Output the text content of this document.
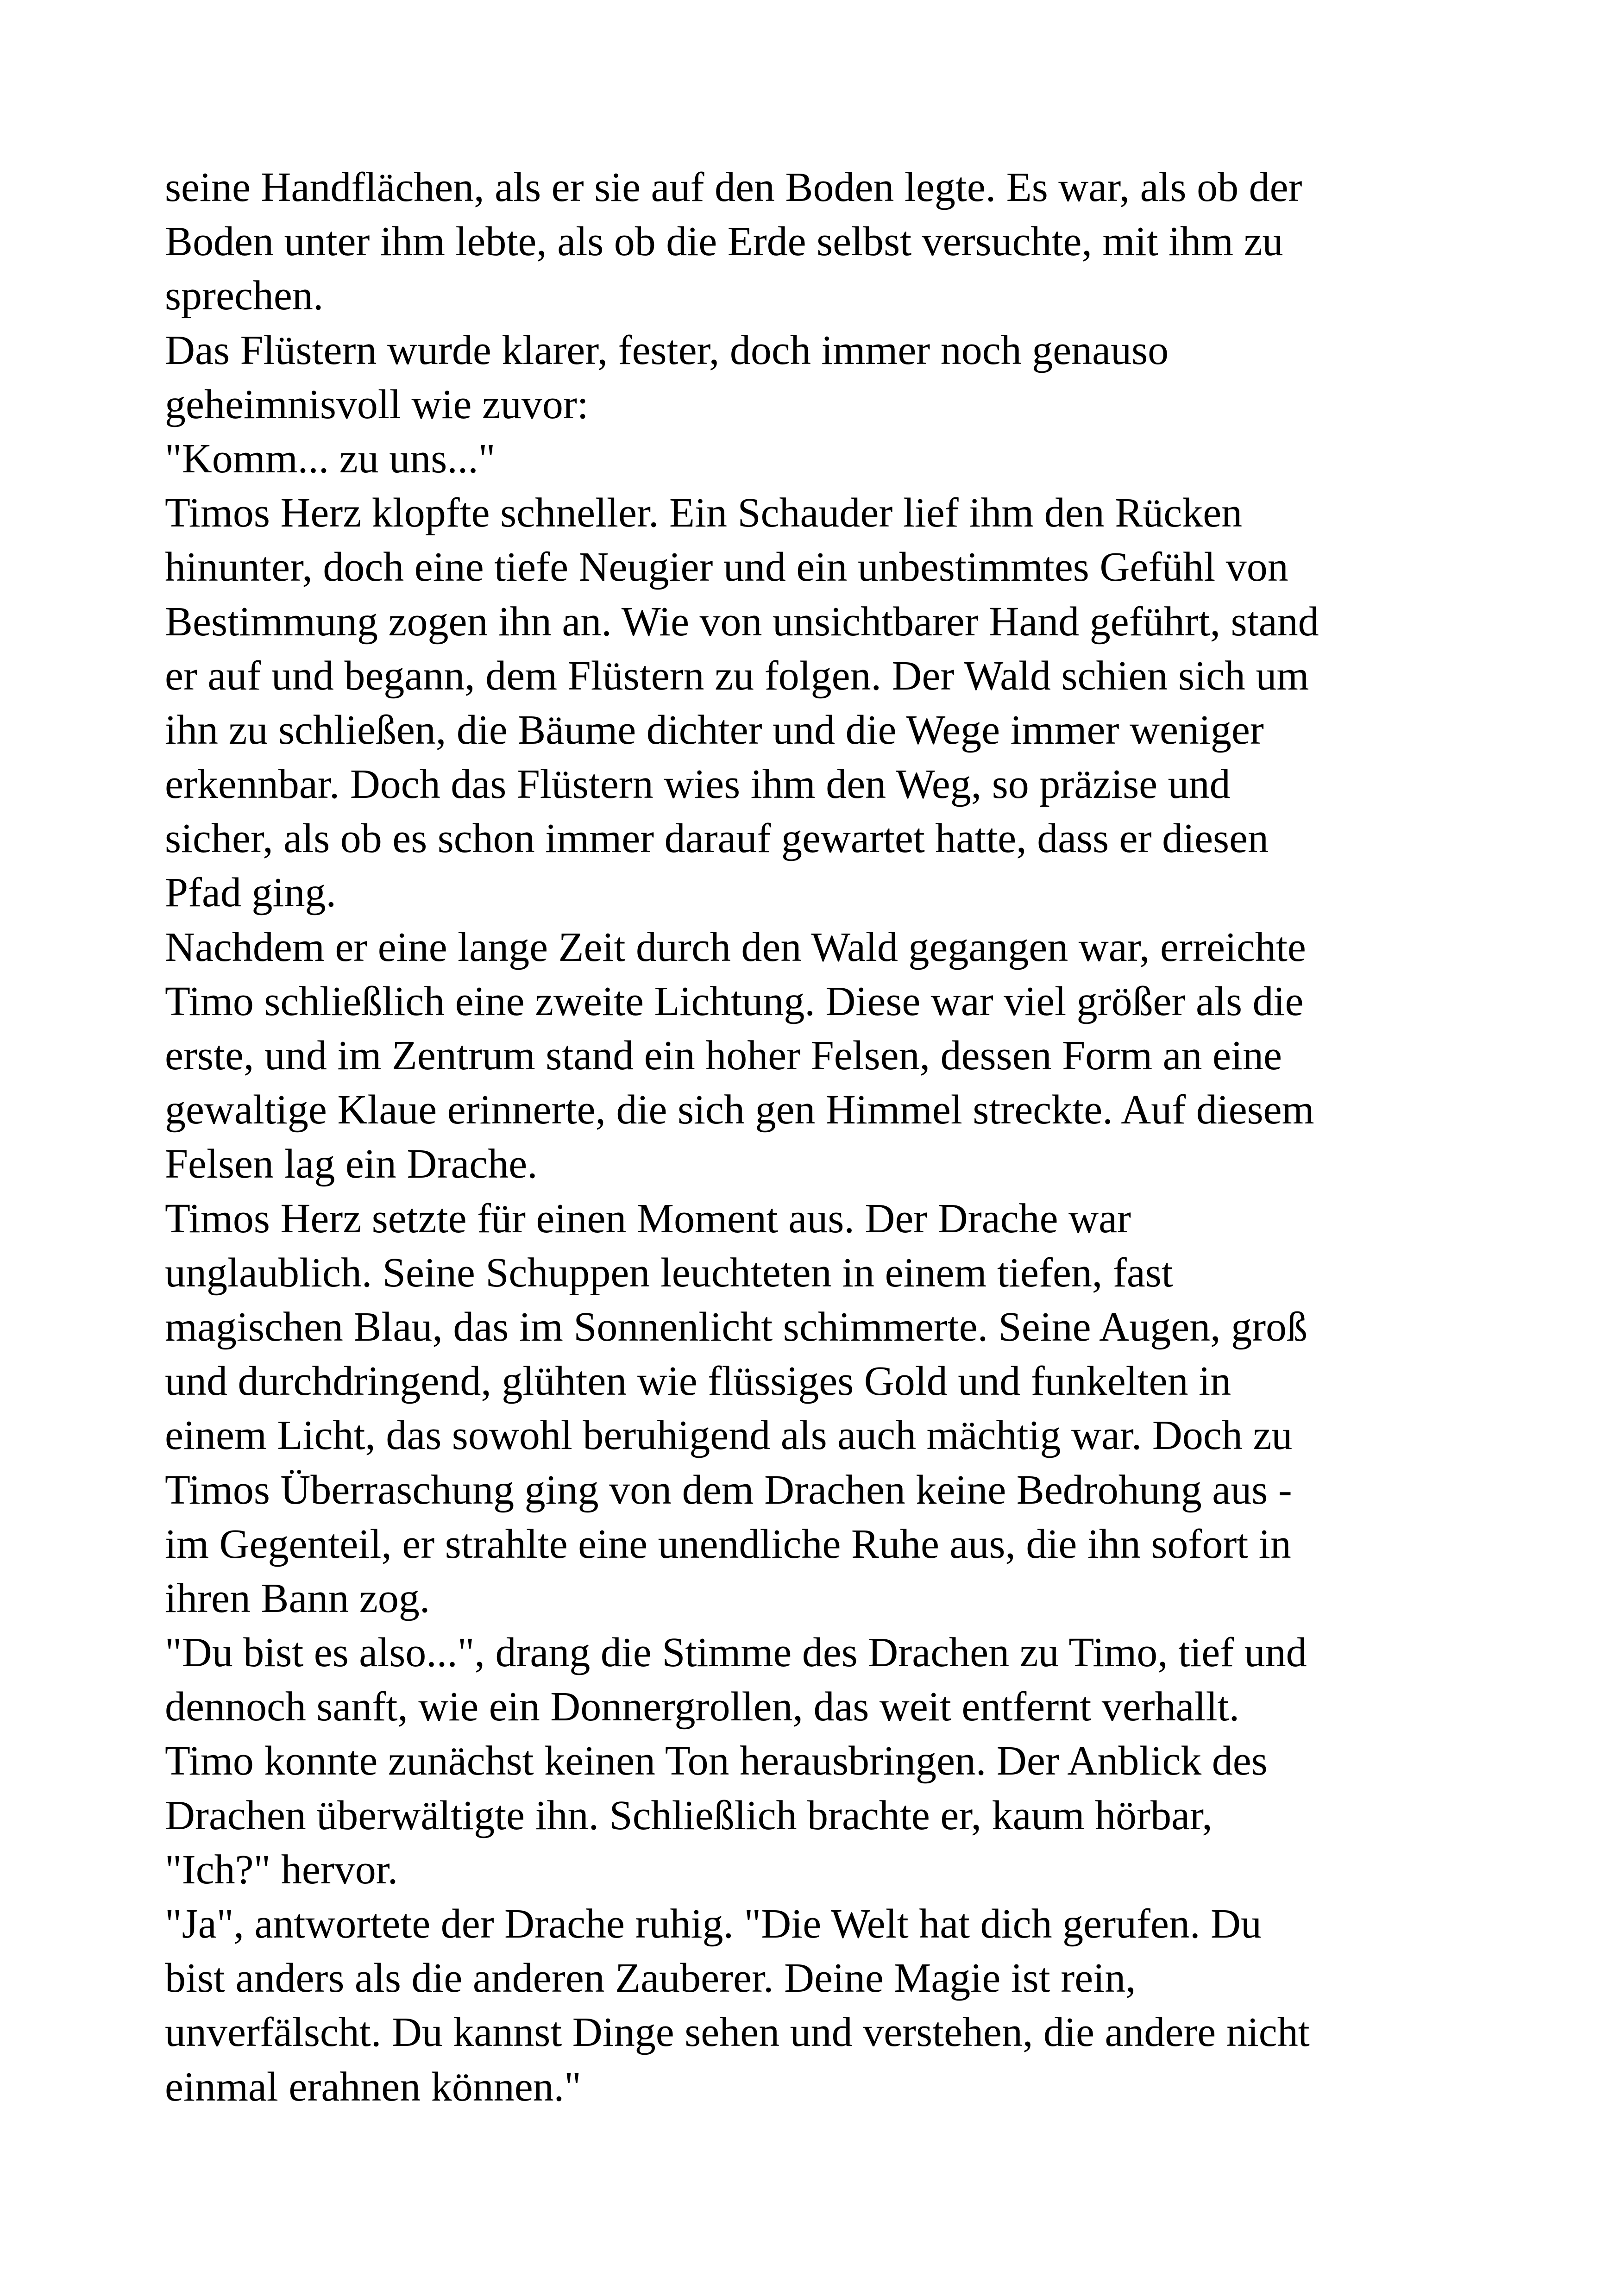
seine Handflächen, als er sie auf den Boden legte. Es war, als ob der
Boden unter ihm lebte, als ob die Erde selbst versuchte, mit ihm zu
sprechen.
Das Flüstern wurde klarer, fester, doch immer noch genauso
geheimnisvoll wie zuvor:
"Komm... zu uns..."
Timos Herz klopfte schneller. Ein Schauder lief ihm den Rücken
hinunter, doch eine tiefe Neugier und ein unbestimmtes Gefühl von
Bestimmung zogen ihn an. Wie von unsichtbarer Hand geführt, stand
er auf und begann, dem Flüstern zu folgen. Der Wald schien sich um
ihn zu schließen, die Bäume dichter und die Wege immer weniger
erkennbar. Doch das Flüstern wies ihm den Weg, so präzise und
sicher, als ob es schon immer darauf gewartet hatte, dass er diesen
Pfad ging.
Nachdem er eine lange Zeit durch den Wald gegangen war, erreichte
Timo schließlich eine zweite Lichtung. Diese war viel größer als die
erste, und im Zentrum stand ein hoher Felsen, dessen Form an eine
gewaltige Klaue erinnerte, die sich gen Himmel streckte. Auf diesem
Felsen lag ein Drache.
Timos Herz setzte für einen Moment aus. Der Drache war
unglaublich. Seine Schuppen leuchteten in einem tiefen, fast
magischen Blau, das im Sonnenlicht schimmerte. Seine Augen, groß
und durchdringend, glühten wie flüssiges Gold und funkelten in
einem Licht, das sowohl beruhigend als auch mächtig war. Doch zu
Timos Überraschung ging von dem Drachen keine Bedrohung aus -
im Gegenteil, er strahlte eine unendliche Ruhe aus, die ihn sofort in
ihren Bann zog.
"Du bist es also...", drang die Stimme des Drachen zu Timo, tief und
dennoch sanft, wie ein Donnergrollen, das weit entfernt verhallt.
Timo konnte zunächst keinen Ton herausbringen. Der Anblick des
Drachen überwältigte ihn. Schließlich brachte er, kaum hörbar,
"Ich?" hervor.
"Ja", antwortete der Drache ruhig. "Die Welt hat dich gerufen. Du
bist anders als die anderen Zauberer. Deine Magie ist rein,
unverfälscht. Du kannst Dinge sehen und verstehen, die andere nicht
einmal erahnen können."
